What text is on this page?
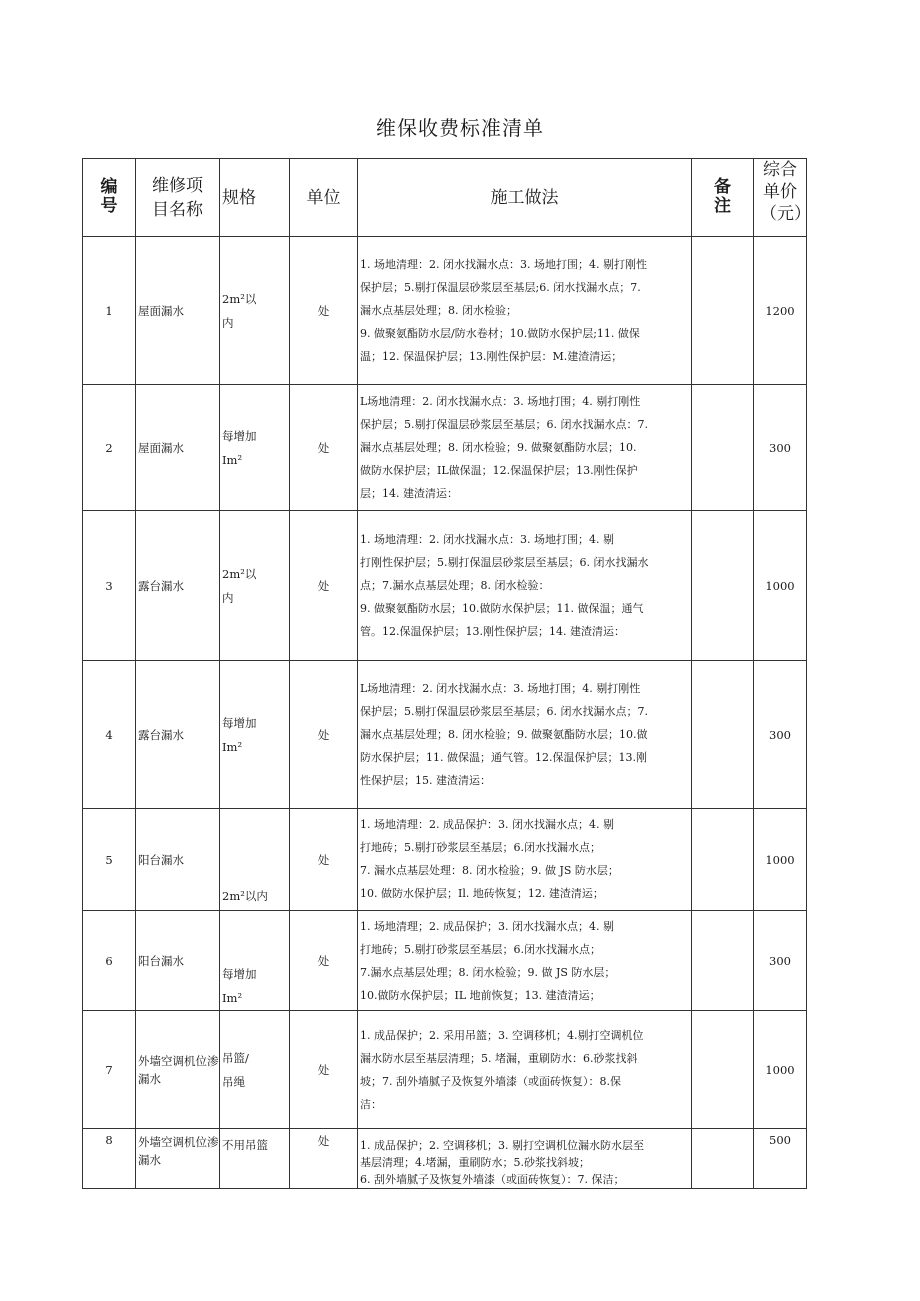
维保收费标准清单
编号	维修项目名称	规格	单位	施工做法	备注	综合单价（元）
1	屋面漏水	2m²以
内	处	1. 场地清理：2. 闭水找漏水点：3. 场地打围；4. 剔打刚性
保护层；5.剔打保温层砂浆层至基层;6. 闭水找漏水点；7.
漏水点基层处理；8. 闭水检验；
9. 做聚氨酯防水层/防水卷材；10.做防水保护层;11. 做保
温；12. 保温保护层；13.刚性保护层：M.建渣清运；		1200
2	屋面漏水	每增加
Im²	处	L场地清理：2. 闭水找漏水点：3. 场地打围；4. 剔打刚性
保护层；5.剔打保温层砂浆层至基层；6. 闭水找漏水点：7.
漏水点基层处理；8. 闭水检验；9. 做聚氨酯防水层；10.
做防水保护层；IL做保温；12.保温保护层；13.刚性保护
层；14. 建渣清运：		300
3	露台漏水	2m²以
内	处	1. 场地清理：2. 闭水找漏水点：3. 场地打围；4. 剔
打刚性保护层；5.剔打保温层砂浆层至基层；6. 闭水找漏水
点；7.漏水点基层处理；8. 闭水检验：
9. 做聚氨酯防水层；10.做防水保护层；11. 做保温；通气
管。12.保温保护层；13.刚性保护层；14. 建渣清运：		1000
4	露台漏水	每增加
Im²	处	L场地清理：2. 闭水找漏水点：3. 场地打围；4. 剔打刚性
保护层；5.剔打保温层砂浆层至基层；6. 闭水找漏水点；7.
漏水点基层处理；8. 闭水检验；9. 做聚氨酯防水层；10.做
防水保护层；11. 做保温；通气管。12.保温保护层；13.刚
性保护层；15. 建渣清运：		300
5	阳台漏水	2m²以内	处	1. 场地清理：2. 成品保护：3. 闭水找漏水点；4. 剔
打地砖；5.剔打砂浆层至基层；6.闭水找漏水点；
7. 漏水点基层处理：8. 闭水检验；9. 做 JS 防水层；
10. 做防水保护层；Il. 地砖恢复；12. 建渣清运；		1000
6	阳台漏水	每增加
Im²	处	1. 场地清理；2. 成品保护；3. 闭水找漏水点；4. 剔
打地砖；5.剔打砂浆层至基层；6.闭水找漏水点；
7.漏水点基层处理；8. 闭水检验；9. 做 JS 防水层；
10.做防水保护层；IL 地前恢复；13. 建渣清运；		300
7	外墙空调机位渗漏水	吊篮/
吊绳	处	1. 成品保护；2. 采用吊篮；3. 空调移机；4.剔打空调机位
漏水防水层至基层清理；5. 堵漏，重刷防水：6.砂浆找斜
坡；7. 刮外墙腻子及恢复外墙漆（或面砖恢复）：8.保
洁：		1000
8	外墙空调机位渗漏水	不用吊篮	处	1. 成品保护；2. 空调移机；3. 剔打空调机位漏水防水层至
基层清理；4.堵漏，重刷防水；5.砂浆找斜坡；
6. 刮外墙腻子及恢复外墙漆（或面砖恢复）：7. 保洁；		500
